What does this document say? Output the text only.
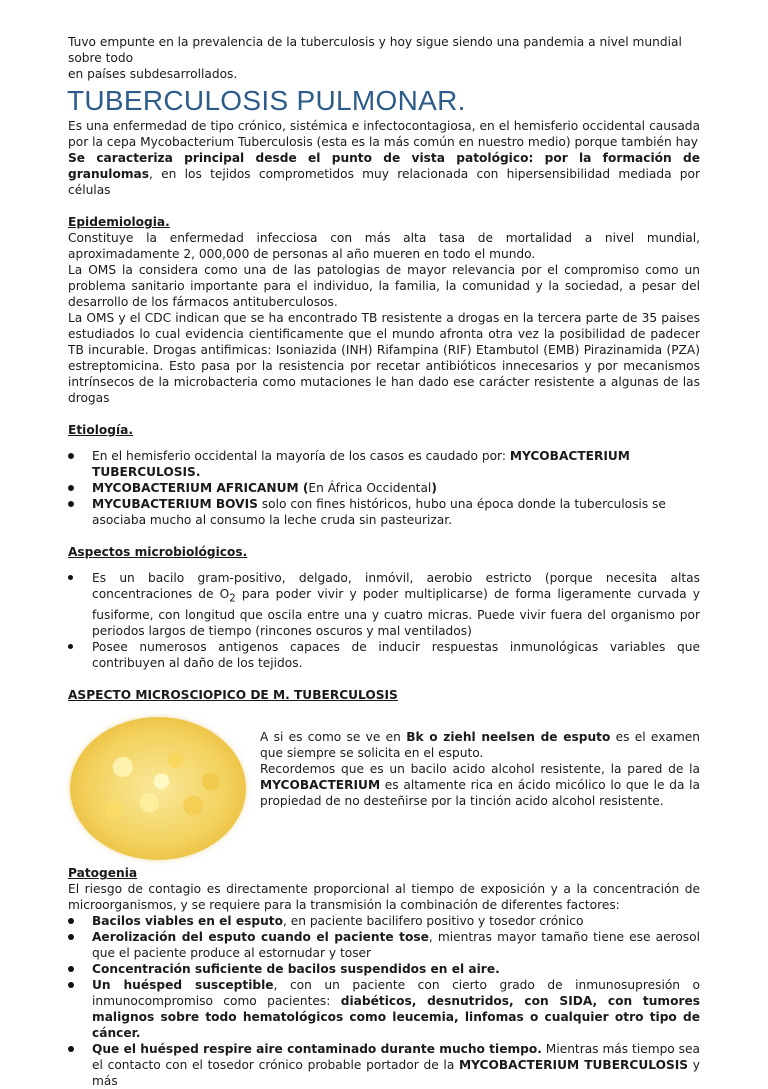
Tuvo empunte en la prevalencia de la tuberculosis y hoy sigue siendo una pandemia a nivel mundial sobre todo
en países subdesarrollados.

TUBERCULOSIS PULMONAR.

Es una enfermedad de tipo crónico, sistémica e infectocontagiosa, en el hemisferio occidental causada por la cepa Mycobacterium Tuberculosis (esta es la más común en nuestro medio) porque también hay
Se caracteriza principal desde el punto de vista patológico: por la formación de granulomas, en los tejidos comprometidos muy relacionada con hipersensibilidad mediada por células

Epidemiologia.

Constituye la enfermedad infecciosa con más alta tasa de mortalidad a nivel mundial, aproximadamente 2, 000,000 de personas al año mueren en todo el mundo.

La OMS la considera como una de las patologias de mayor relevancia por el compromiso como un problema sanitario importante para el individuo, la familia, la comunidad y la sociedad, a pesar del desarrollo de los fármacos antituberculosos.

La OMS y el CDC indican que se ha encontrado TB resistente a drogas en la tercera parte de 35 paises estudiados lo cual evidencia cientificamente que el mundo afronta otra vez la posibilidad de padecer TB incurable. Drogas antifimicas: Isoniazida (INH) Rifampina (RIF) Etambutol (EMB) Pirazinamida (PZA) estreptomicina. Esto pasa por la resistencia por recetar antibióticos innecesarios y por mecanismos intrínsecos de la microbacteria como mutaciones le han dado ese carácter resistente a algunas de las drogas

Etiología.

En el hemisferio occidental la mayoría de los casos es caudado por: MYCOBACTERIUM TUBERCULOSIS.
MYCOBACTERIUM AFRICANUM (En África Occidental)
MYCUBACTERIUM BOVIS solo con fines históricos, hubo una época donde la tuberculosis se asociaba mucho al consumo la leche cruda sin pasteurizar.

Aspectos microbiológicos.

Es un bacilo gram-positivo, delgado, inmóvil, aerobio estricto (porque necesita altas concentraciones de $O_2$ para poder vivir y poder multiplicarse) de forma ligeramente curvada y fusiforme, con longitud que oscila entre una y cuatro micras. Puede vivir fuera del organismo por periodos largos de tiempo (rincones oscuros y mal ventilados)
Posee numerosos antigenos capaces de inducir respuestas inmunológicas variables que contribuyen al daño de los tejidos.

ASPECTO MICROSCIOPICO DE M. TUBERCULOSIS

A si es como se ve en Bk o ziehl neelsen de esputo es el examen que siempre se solicita en el esputo.

Recordemos que es un bacilo acido alcohol resistente, la pared de la MYCOBACTERIUM es altamente rica en ácido micólico lo que le da la propiedad de no desteñirse por la tinción acido alcohol resistente.

Patogenia

El riesgo de contagio es directamente proporcional al tiempo de exposición y a la concentración de microorganismos, y se requiere para la transmisión la combinación de diferentes factores:

Bacilos viables en el esputo, en paciente bacilifero positivo y tosedor crónico
Aerolización del esputo cuando el paciente tose, mientras mayor tamaño tiene ese aerosol que el paciente produce al estornudar y toser
Concentración suficiente de bacilos suspendidos en el aire.
Un huésped susceptible, con un paciente con cierto grado de inmunosupresión o inmunocompromiso como pacientes: diabéticos, desnutridos, con SIDA, con tumores malignos sobre todo hematológicos como leucemia, linfomas o cualquier otro tipo de cáncer.
Que el huésped respire aire contaminado durante mucho tiempo. Mientras más tiempo sea el contacto con el tosedor crónico probable portador de la MYCOBACTERIUM TUBERCULOSIS y más
